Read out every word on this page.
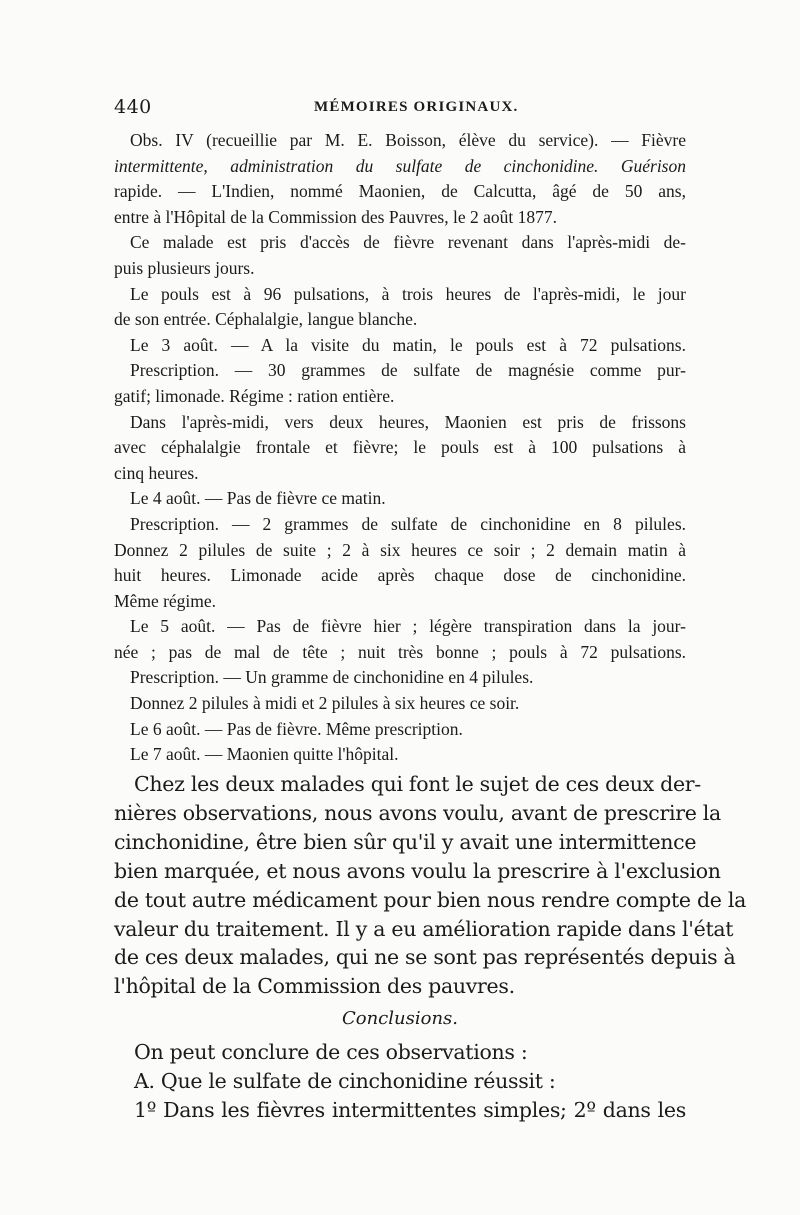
440	MÉMOIRES ORIGINAUX.
Obs. IV (recueillie par M. E. Boisson, élève du service). — Fièvre
intermittente, administration du sulfate de cinchonidine. Guérison
rapide. — L'Indien, nommé Maonien, de Calcutta, âgé de 50 ans,
entre à l'Hôpital de la Commission des Pauvres, le 2 août 1877.
Ce malade est pris d'accès de fièvre revenant dans l'après-midi de-
puis plusieurs jours.
Le pouls est à 96 pulsations, à trois heures de l'après-midi, le jour
de son entrée. Céphalalgie, langue blanche.
Le 3 août. — A la visite du matin, le pouls est à 72 pulsations.
Prescription. — 30 grammes de sulfate de magnésie comme pur-
gatif; limonade. Régime : ration entière.
Dans l'après-midi, vers deux heures, Maonien est pris de frissons
avec céphalalgie frontale et fièvre; le pouls est à 100 pulsations à
cinq heures.
Le 4 août. — Pas de fièvre ce matin.
Prescription. — 2 grammes de sulfate de cinchonidine en 8 pilules.
Donnez 2 pilules de suite ; 2 à six heures ce soir ; 2 demain matin à
huit heures. Limonade acide après chaque dose de cinchonidine.
Même régime.
Le 5 août. — Pas de fièvre hier ; légère transpiration dans la jour-
née ; pas de mal de tête ; nuit très bonne ; pouls à 72 pulsations.
Prescription. — Un gramme de cinchonidine en 4 pilules.
Donnez 2 pilules à midi et 2 pilules à six heures ce soir.
Le 6 août. — Pas de fièvre. Même prescription.
Le 7 août. — Maonien quitte l'hôpital.
Chez les deux malades qui font le sujet de ces deux der-
nières observations, nous avons voulu, avant de prescrire la
cinchonidine, être bien sûr qu'il y avait une intermittence
bien marquée, et nous avons voulu la prescrire à l'exclusion
de tout autre médicament pour bien nous rendre compte de la
valeur du traitement. Il y a eu amélioration rapide dans l'état
de ces deux malades, qui ne se sont pas représentés depuis à
l'hôpital de la Commission des pauvres.
Conclusions.
On peut conclure de ces observations :
A. Que le sulfate de cinchonidine réussit :
1º Dans les fièvres intermittentes simples; 2º dans les
